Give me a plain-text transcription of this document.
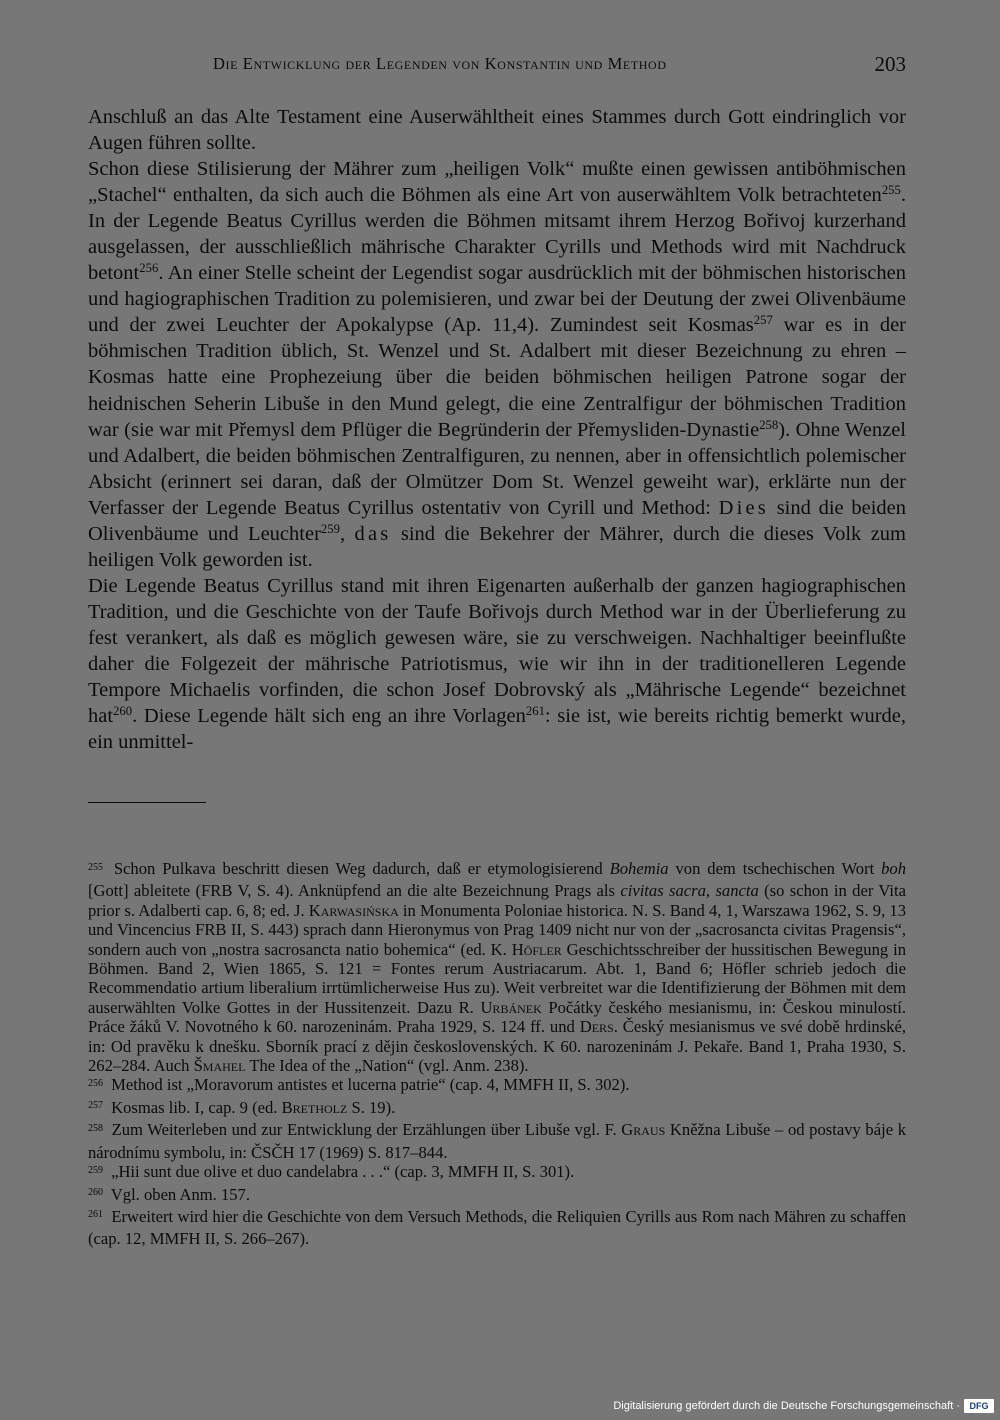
Die Entwicklung der Legenden von Konstantin und Method	203

Anschluß an das Alte Testament eine Auserwähltheit eines Stammes durch Gott eindringlich vor Augen führen sollte.

Schon diese Stilisierung der Mährer zum „heiligen Volk“ mußte einen gewissen antiböhmischen „Stachel“ enthalten, da sich auch die Böhmen als eine Art von auserwähltem Volk betrachteten$^{255}$. In der Legende Beatus Cyrillus werden die Böhmen mitsamt ihrem Herzog Bořivoj kurzerhand ausgelassen, der ausschließlich mährische Charakter Cyrills und Methods wird mit Nachdruck betont$^{256}$. An einer Stelle scheint der Legendist sogar ausdrücklich mit der böhmischen historischen und hagiographischen Tradition zu polemisieren, und zwar bei der Deutung der zwei Olivenbäume und der zwei Leuchter der Apokalypse (Ap. 11,4). Zumindest seit Kosmas$^{257}$ war es in der böhmischen Tradition üblich, St. Wenzel und St. Adalbert mit dieser Bezeichnung zu ehren – Kosmas hatte eine Prophezeiung über die beiden böhmischen heiligen Patrone sogar der heidnischen Seherin Libuše in den Mund gelegt, die eine Zentralfigur der böhmischen Tradition war (sie war mit Přemysl dem Pflüger die Begründerin der Přemysliden-Dynastie$^{258}$). Ohne Wenzel und Adalbert, die beiden böhmischen Zentralfiguren, zu nennen, aber in offensichtlich polemischer Absicht (erinnert sei daran, daß der Olmützer Dom St. Wenzel geweiht war), erklärte nun der Verfasser der Legende Beatus Cyrillus ostentativ von Cyrill und Method: Dies sind die beiden Olivenbäume und Leuchter$^{259}$, das sind die Bekehrer der Mährer, durch die dieses Volk zum heiligen Volk geworden ist.

Die Legende Beatus Cyrillus stand mit ihren Eigenarten außerhalb der ganzen hagiographischen Tradition, und die Geschichte von der Taufe Bořivojs durch Method war in der Überlieferung zu fest verankert, als daß es möglich gewesen wäre, sie zu verschweigen. Nachhaltiger beeinflußte daher die Folgezeit der mährische Patriotismus, wie wir ihn in der traditionelleren Legende Tempore Michaelis vorfinden, die schon Josef Dobrovský als „Mährische Legende“ bezeichnet hat$^{260}$. Diese Legende hält sich eng an ihre Vorlagen$^{261}$: sie ist, wie bereits richtig bemerkt wurde, ein unmittel-

$^{255}$ Schon Pulkava beschritt diesen Weg dadurch, daß er etymologisierend Bohemia von dem tschechischen Wort boh [Gott] ableitete (FRB V, S. 4). Anknüpfend an die alte Bezeichnung Prags als civitas sacra, sancta (so schon in der Vita prior s. Adalberti cap. 6, 8; ed. J. Karwasińska in Monumenta Poloniae historica. N. S. Band 4, 1, Warszawa 1962, S. 9, 13 und Vincencius FRB II, S. 443) sprach dann Hieronymus von Prag 1409 nicht nur von der „sacrosancta civitas Pragensis“, sondern auch von „nostra sacrosancta natio bohemica“ (ed. K. Höfler Geschichtsschreiber der hussitischen Bewegung in Böhmen. Band 2, Wien 1865, S. 121 = Fontes rerum Austriacarum. Abt. 1, Band 6; Höfler schrieb jedoch die Recommendatio artium liberalium irrtümlicherweise Hus zu). Weit verbreitet war die Identifizierung der Böhmen mit dem auserwählten Volke Gottes in der Hussitenzeit. Dazu R. Urbánek Počátky českého mesianismu, in: Českou minulostí. Práce žáků V. Novotného k 60. narozeninám. Praha 1929, S. 124 ff. und Ders. Český mesianismus ve své době hrdinské, in: Od pravěku k dnešku. Sborník prací z dějin československých. K 60. narozeninám J. Pekaře. Band 1, Praha 1930, S. 262–284. Auch Šmahel The Idea of the „Nation“ (vgl. Anm. 238).

$^{256}$ Method ist „Moravorum antistes et lucerna patrie“ (cap. 4, MMFH II, S. 302).

$^{257}$ Kosmas lib. I, cap. 9 (ed. Bretholz S. 19).

$^{258}$ Zum Weiterleben und zur Entwicklung der Erzählungen über Libuše vgl. F. Graus Kněžna Libuše – od postavy báje k národnímu symbolu, in: ČSČH 17 (1969) S. 817–844.

$^{259}$ „Hii sunt due olive et duo candelabra . . .“ (cap. 3, MMFH II, S. 301).

$^{260}$ Vgl. oben Anm. 157.

$^{261}$ Erweitert wird hier die Geschichte von dem Versuch Methods, die Reliquien Cyrills aus Rom nach Mähren zu schaffen (cap. 12, MMFH II, S. 266–267).

Digitalisierung gefördert durch die Deutsche Forschungsgemeinschaft ·	DFG
